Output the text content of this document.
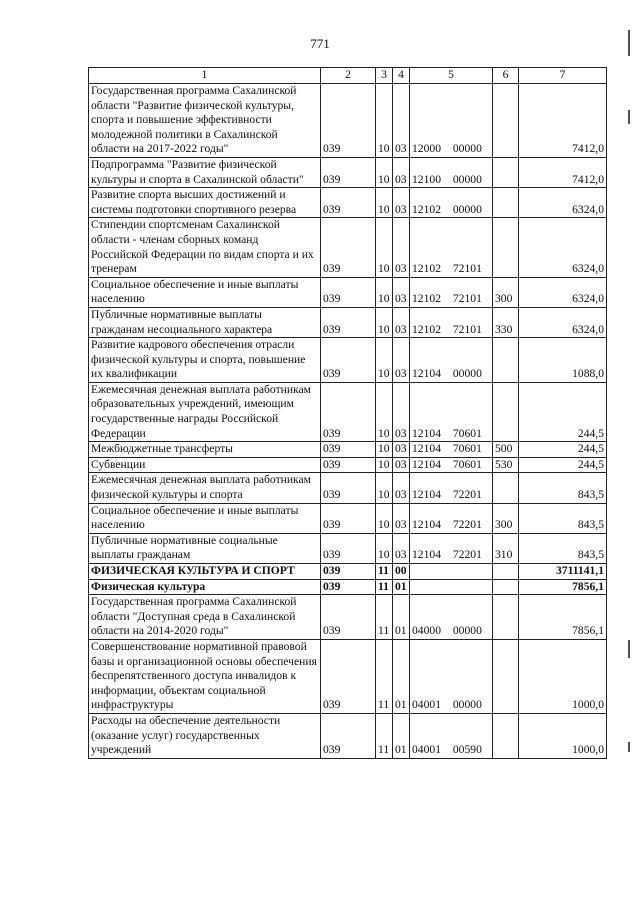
771
1	2	3	4	5	6	7
Государственная программа Сахалинской области "Развитие физической культуры, спорта и повышение эффективности молодежной политики в Сахалинской области на 2017-2022 годы"	039	10	03	12000 00000		7412,0
Подпрограмма "Развитие физической культуры и спорта в Сахалинской области"	039	10	03	12100 00000		7412,0
Развитие спорта высших достижений и системы подготовки спортивного резерва	039	10	03	12102 00000		6324,0
Стипендии спортсменам Сахалинской области - членам сборных команд Российской Федерации по видам спорта и их тренерам	039	10	03	12102 72101		6324,0
Социальное обеспечение и иные выплаты населению	039	10	03	12102 72101	300	6324,0
Публичные нормативные выплаты гражданам несоциального характера	039	10	03	12102 72101	330	6324,0
Развитие кадрового обеспечения отрасли физической культуры и спорта, повышение их квалификации	039	10	03	12104 00000		1088,0
Ежемесячная денежная выплата работникам образовательных учреждений, имеющим государственные награды Российской Федерации	039	10	03	12104 70601		244,5
Межбюджетные трансферты	039	10	03	12104 70601	500	244,5
Субвенции	039	10	03	12104 70601	530	244,5
Ежемесячная денежная выплата работникам физической культуры и спорта	039	10	03	12104 72201		843,5
Социальное обеспечение и иные выплаты населению	039	10	03	12104 72201	300	843,5
Публичные нормативные социальные выплаты гражданам	039	10	03	12104 72201	310	843,5
ФИЗИЧЕСКАЯ КУЛЬТУРА И СПОРТ	039	11	00			3711141,1
Физическая культура	039	11	01			7856,1
Государственная программа Сахалинской области "Доступная среда в Сахалинской области на 2014-2020 годы"	039	11	01	04000 00000		7856,1
Совершенствование нормативной правовой базы и организационной основы обеспечения беспрепятственного доступа инвалидов к информации, объектам социальной инфраструктуры	039	11	01	04001 00000		1000,0
Расходы на обеспечение деятельности (оказание услуг) государственных учреждений	039	11	01	04001 00590		1000,0
